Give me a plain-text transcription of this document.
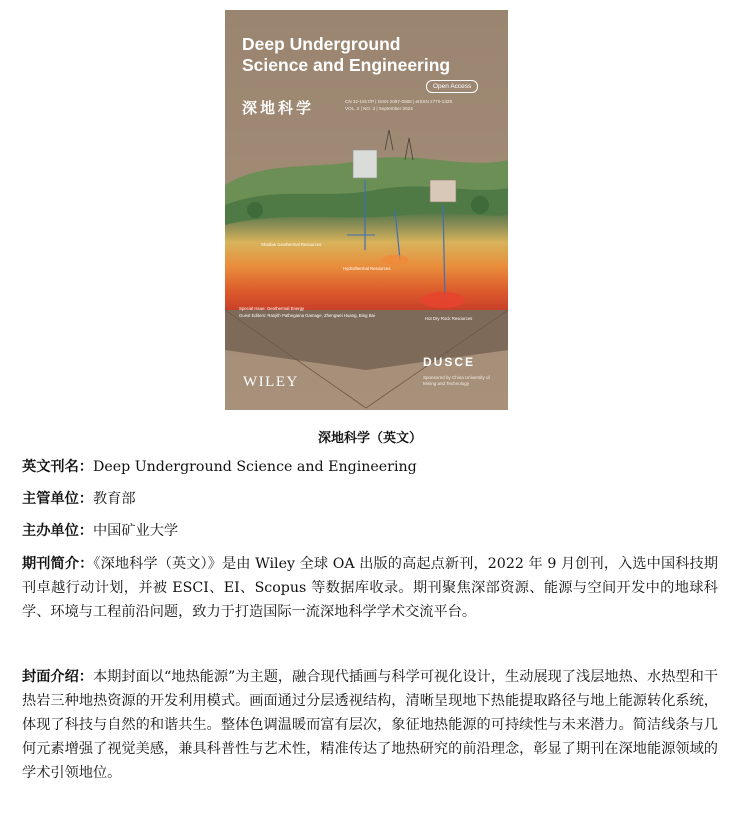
Deep Underground
Science and Engineering
Open Access
深地科学	CN 32-1917/P | ISSN 2097-0668 | eISSN 2770-1328
VOL. 3 | NO. 3 | September 2024
Shallow Geothermal Resources
Hydrothermal Resources
Hot Dry Rock Resources
Special Issue: Geothermal Energy
Guest Editors: Ranjith Pathegama Gamage, Zhengwei Huang, Bing Bai
WILEY
DUSCE
Sponsored by China University of Mining and Technology
深地科学（英文）
英文刊名：Deep Underground Science and Engineering
主管单位：教育部
主办单位：中国矿业大学
期刊简介：《深地科学（英文）》是由 Wiley 全球 OA 出版的高起点新刊，2022 年 9 月创刊，入选中国科技期刊卓越行动计划，并被 ESCI、EI、Scopus 等数据库收录。期刊聚焦深部资源、能源与空间开发中的地球科学、环境与工程前沿问题，致力于打造国际一流深地科学学术交流平台。
封面介绍：本期封面以“地热能源”为主题，融合现代插画与科学可视化设计，生动展现了浅层地热、水热型和干热岩三种地热资源的开发利用模式。画面通过分层透视结构，清晰呈现地下热能提取路径与地上能源转化系统，体现了科技与自然的和谐共生。整体色调温暖而富有层次，象征地热能源的可持续性与未来潜力。简洁线条与几何元素增强了视觉美感，兼具科普性与艺术性，精准传达了地热研究的前沿理念，彰显了期刊在深地能源领域的学术引领地位。
